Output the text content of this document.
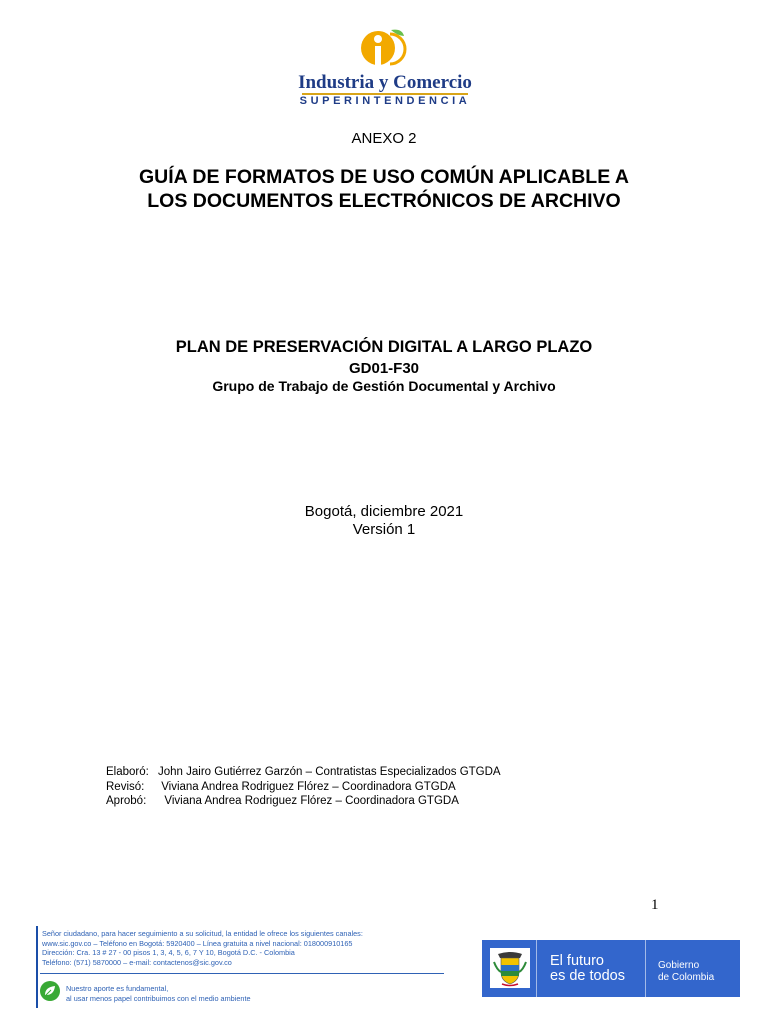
Industria y Comercio
SUPERINTENDENCIA
ANEXO 2
GUÍA DE FORMATOS DE USO COMÚN APLICABLE A
LOS DOCUMENTOS ELECTRÓNICOS DE ARCHIVO
PLAN DE PRESERVACIÓN DIGITAL A LARGO PLAZO
GD01-F30
Grupo de Trabajo de Gestión Documental y Archivo
Bogotá, diciembre 2021
Versión 1
Elaboró: John Jairo Gutiérrez Garzón – Contratistas Especializados GTGDA
Revisó: Viviana Andrea Rodriguez Flórez – Coordinadora GTGDA
Aprobó:  Viviana Andrea Rodriguez Flórez – Coordinadora GTGDA
1
Señor ciudadano, para hacer seguimiento a su solicitud, la entidad le ofrece los siguientes canales:
www.sic.gov.co – Teléfono en Bogotá: 5920400 – Línea gratuita a nivel nacional: 018000910165
Dirección: Cra. 13 # 27 - 00 pisos 1, 3, 4, 5, 6, 7 Y 10, Bogotá D.C. - Colombia
Teléfono: (571) 5870000 – e-mail: contactenos@sic.gov.co
Nuestro aporte es fundamental,
al usar menos papel contribuimos con el medio ambiente
El futuro
es de todos
Gobierno
de Colombia
